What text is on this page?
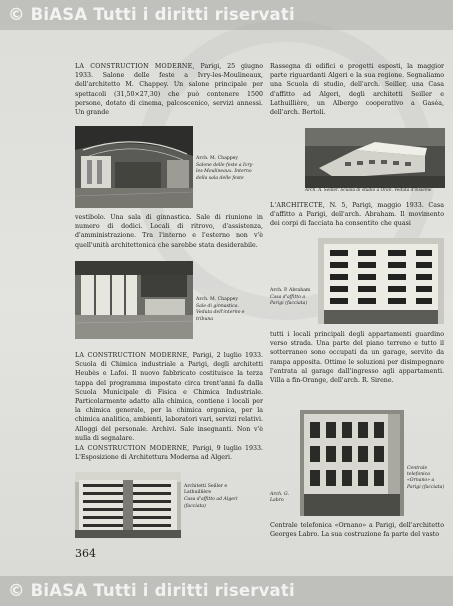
© BiASA Tutti i diritti riservati
© BiASA Tutti i diritti riservati

LA CONSTRUCTION MODERNE, Parigi, 25 giugno 1933. Salone delle feste a Ivry-les-Moulineaux, dell'architetto M. Chappey. Un salone principale per spettacoli (31,50×27,30) che può contenere 1500 persone, dotato di cinema, palcoscenico, servizi annessi. Un grande

Arch. M. Chappey
Salone delle feste a Ivry-les-Moulineaux. Interno della sala delle feste

vestibolo. Una sala di ginnastica. Sale di riunione in numero di dodici. Locali di ritrovo, d'assistenza, d'amministrazione. Tra l'interno e l'esterno non v'è quell'unità architettonica che sarebbe stata desiderabile.

Arch. M. Chappey
Sale di ginnastica. Veduta dell'interno e tribuna

LA CONSTRUCTION MODERNE, Parigi, 2 luglio 1933. Scuola di Chimica industriale a Parigi, degli architetti Heubès e Lafoi. Il nuovo fabbricato costituisce la terza tappa del programma impostato circa trent'anni fa dalla Scuola Municipale di Fisica e Chimica Industriale. Particolarmente adatto alla chimica, contiene i locali per la chimica generale, per la chimica organica, per la chimica analitica, ambienti, laboratori vari, servizi relativi. Alloggi del personale. Archivi. Sale insegnanti. Non v'è nulla di segnalare.

LA CONSTRUCTION MODERNE, Parigi, 9 luglio 1933. L'Esposizione di Architettura Moderna ad Algeri.

Architetti Seiller e Lathuillière
Casa d'affitto ad Algeri (facciata)
364

Rassegna di edifici e progetti esposti, la maggior parte riguardanti Algeri e la sua regione. Segnaliamo una Scuola di studio, dell'arch. Seiller, una Casa d'affitto ad Algeri, degli architetti Seiller e Lathuillière, un Albergo cooperativo a Gaséa, dell'arch. Bertoli.

Arch. A. Seiller. Scuola di studio a Oran. Veduta d'insieme

L'ARCHITECTE, N. 5, Parigi, maggio 1933. Casa d'affitto a Parigi, dell'arch. Abraham. Il movimento dei corpi di facciata ha consentito che quasi

Arch. P. Abraham
Casa d'affitto a Parigi (facciata)

tutti i locali principali degli appartamenti guardino verso strada. Una parte del piano terreno e tutto il sotterraneo sono occupati da un garage, servito da rampa apposita. Ottime le soluzioni per disimpegnare l'entrata al garage dall'ingresso agli appartamenti. Villa a fin-Orange, dell'arch. R. Sirene.

Arch. G. Labro
Centrale telefonica «Ornano» a Parigi (facciata)

Centrale telefonica «Ornano» a Parigi, dell'architetto Georges Labro. La sua costruzione fa parte del vasto
